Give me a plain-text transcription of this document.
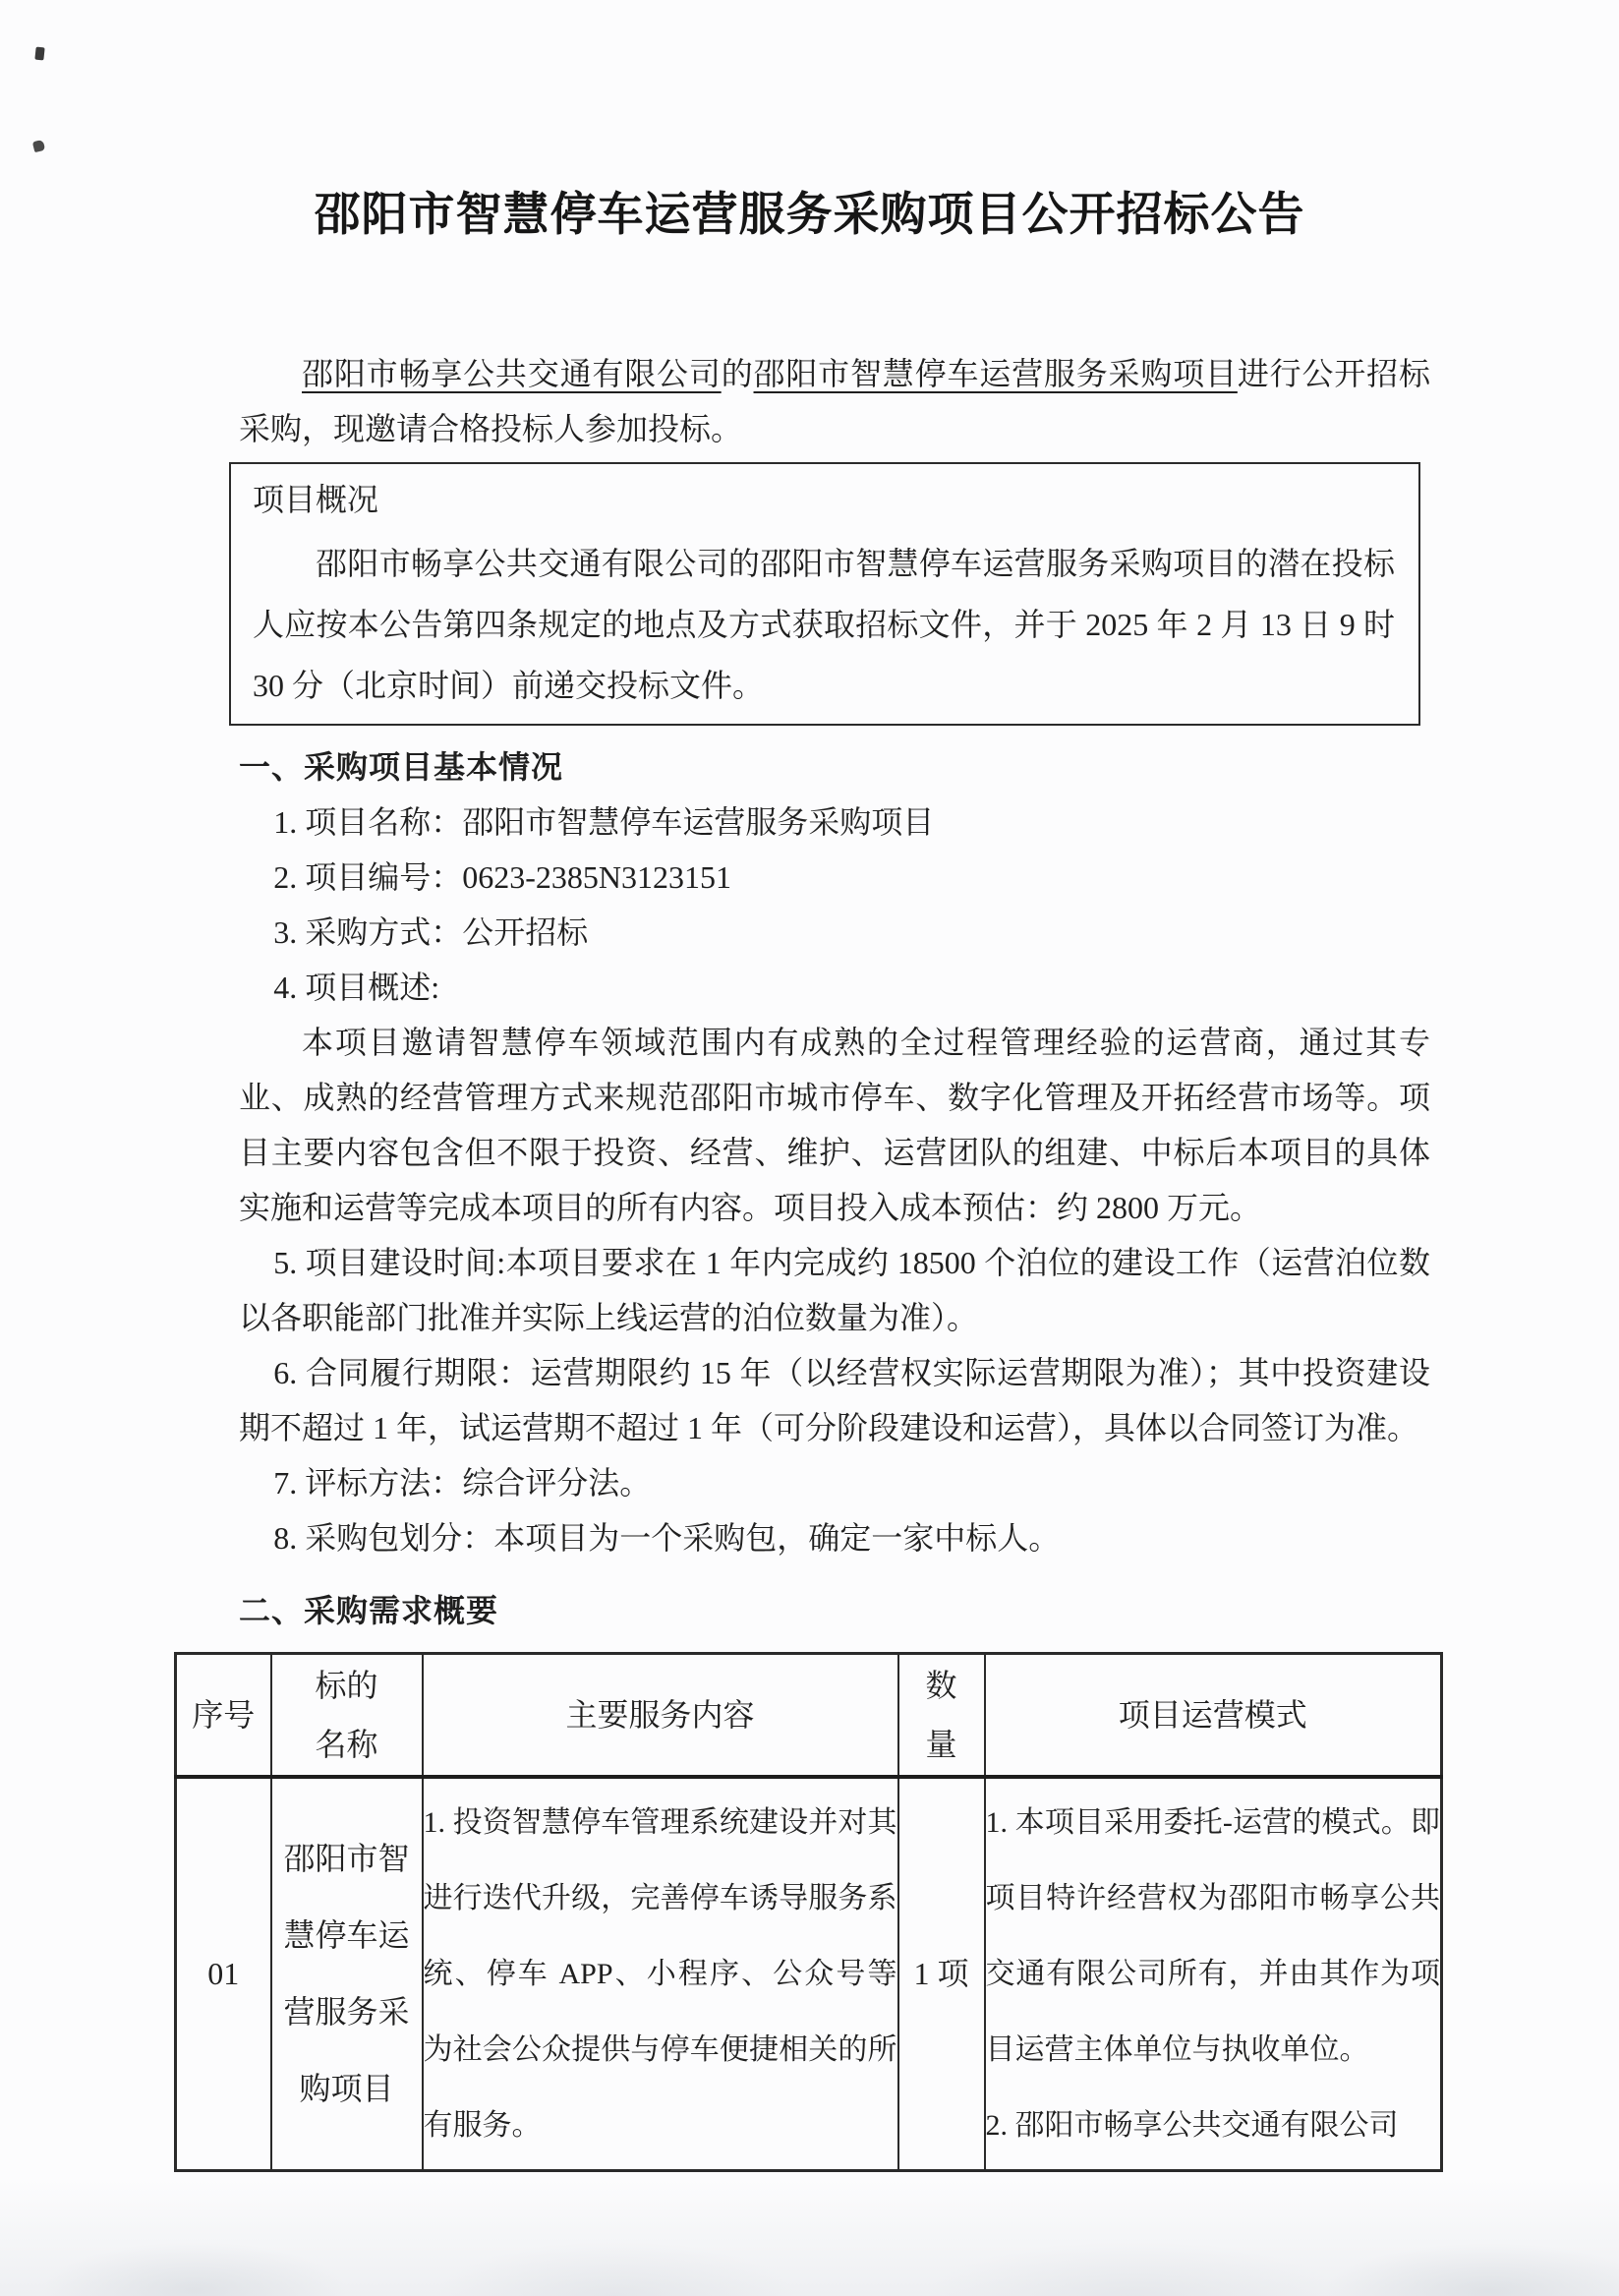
邵阳市智慧停车运营服务采购项目公开招标公告

邵阳市畅享公共交通有限公司的邵阳市智慧停车运营服务采购项目进行公开招标采购，现邀请合格投标人参加投标。

项目概况

邵阳市畅享公共交通有限公司的邵阳市智慧停车运营服务采购项目的潜在投标人应按本公告第四条规定的地点及方式获取招标文件，并于 2025 年 2 月 13 日 9 时 30 分（北京时间）前递交投标文件。

一、采购项目基本情况

1. 项目名称：邵阳市智慧停车运营服务采购项目

2. 项目编号：0623-2385N3123151

3. 采购方式：公开招标

4. 项目概述:

本项目邀请智慧停车领域范围内有成熟的全过程管理经验的运营商，通过其专业、成熟的经营管理方式来规范邵阳市城市停车、数字化管理及开拓经营市场等。项目主要内容包含但不限于投资、经营、维护、运营团队的组建、中标后本项目的具体实施和运营等完成本项目的所有内容。项目投入成本预估：约 2800 万元。

5. 项目建设时间:本项目要求在 1 年内完成约 18500 个泊位的建设工作（运营泊位数以各职能部门批准并实际上线运营的泊位数量为准）。

6. 合同履行期限：运营期限约 15 年（以经营权实际运营期限为准）；其中投资建设期不超过 1 年，试运营期不超过 1 年（可分阶段建设和运营），具体以合同签订为准。

7. 评标方法：综合评分法。

8. 采购包划分：本项目为一个采购包，确定一家中标人。

二、采购需求概要
序号	标的名称	主要服务内容	数量	项目运营模式
01	邵阳市智慧停车运营服务采购项目	1. 投资智慧停车管理系统建设并对其进行迭代升级，完善停车诱导服务系统、停车 APP、小程序、公众号等为社会公众提供与停车便捷相关的所有服务。	1 项	1. 本项目采用委托-运营的模式。即项目特许经营权为邵阳市畅享公共交通有限公司所有，并由其作为项目运营主体单位与执收单位。

2. 邵阳市畅享公共交通有限公司
